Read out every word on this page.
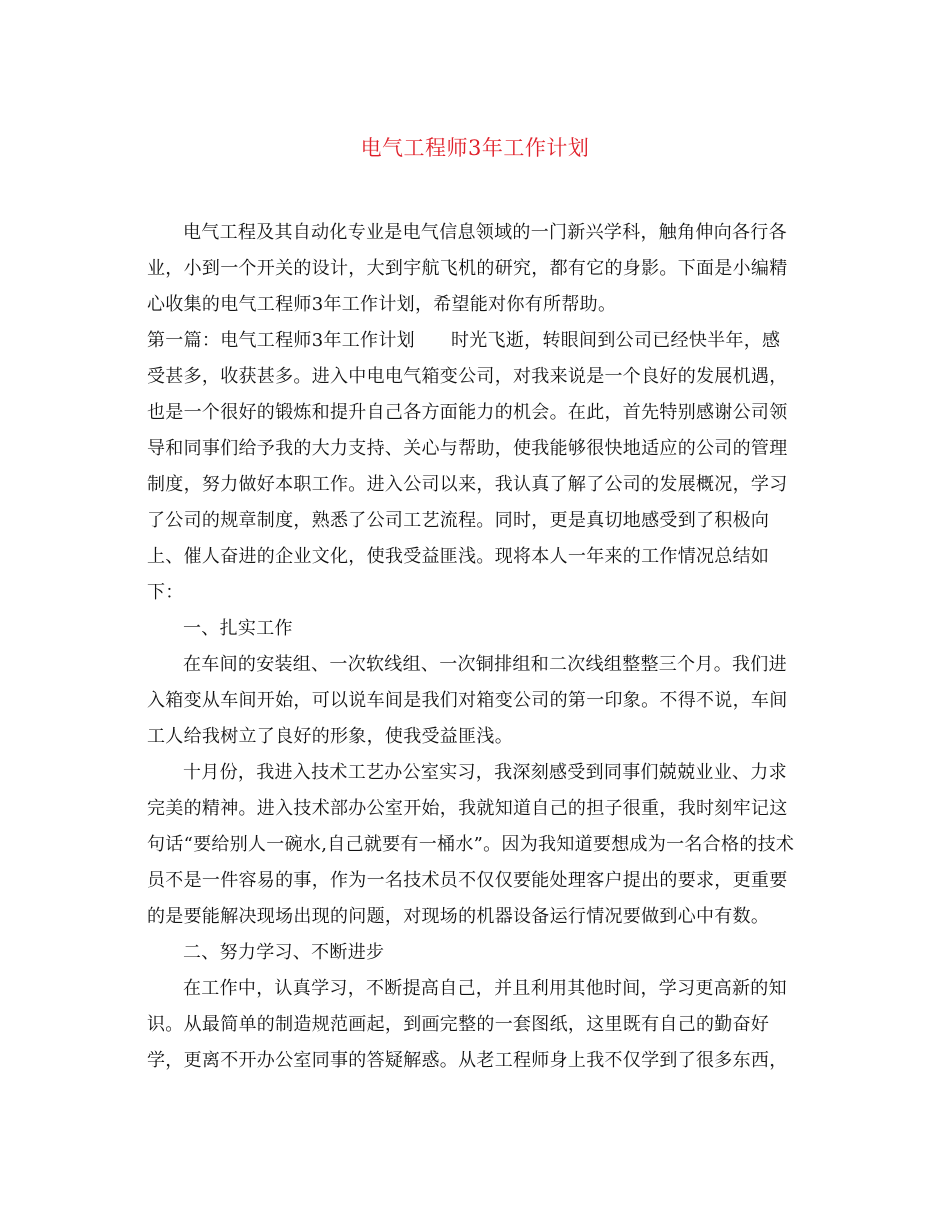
电气工程师3年工作计划
电气工程及其自动化专业是电气信息领域的一门新兴学科，触角伸向各行各
业，小到一个开关的设计，大到宇航飞机的研究，都有它的身影。下面是小编精
心收集的电气工程师3年工作计划，希望能对你有所帮助。
第一篇：电气工程师3年工作计划 时光飞逝，转眼间到公司已经快半年，感
受甚多，收获甚多。进入中电电气箱变公司，对我来说是一个良好的发展机遇，
也是一个很好的锻炼和提升自己各方面能力的机会。在此，首先特别感谢公司领
导和同事们给予我的大力支持、关心与帮助，使我能够很快地适应的公司的管理
制度，努力做好本职工作。进入公司以来，我认真了解了公司的发展概况，学习
了公司的规章制度，熟悉了公司工艺流程。同时，更是真切地感受到了积极向
上、催人奋进的企业文化，使我受益匪浅。现将本人一年来的工作情况总结如
下：
一、扎实工作
在车间的安装组、一次软线组、一次铜排组和二次线组整整三个月。我们进
入箱变从车间开始，可以说车间是我们对箱变公司的第一印象。不得不说，车间
工人给我树立了良好的形象，使我受益匪浅。
十月份，我进入技术工艺办公室实习，我深刻感受到同事们兢兢业业、力求
完美的精神。进入技术部办公室开始，我就知道自己的担子很重，我时刻牢记这
句话“要给别人一碗水,自己就要有一桶水”。因为我知道要想成为一名合格的技术
员不是一件容易的事，作为一名技术员不仅仅要能处理客户提出的要求，更重要
的是要能解决现场出现的问题，对现场的机器设备运行情况要做到心中有数。
二、努力学习、不断进步
在工作中，认真学习，不断提高自己，并且利用其他时间，学习更高新的知
识。从最简单的制造规范画起，到画完整的一套图纸，这里既有自己的勤奋好
学，更离不开办公室同事的答疑解惑。从老工程师身上我不仅学到了很多东西，
